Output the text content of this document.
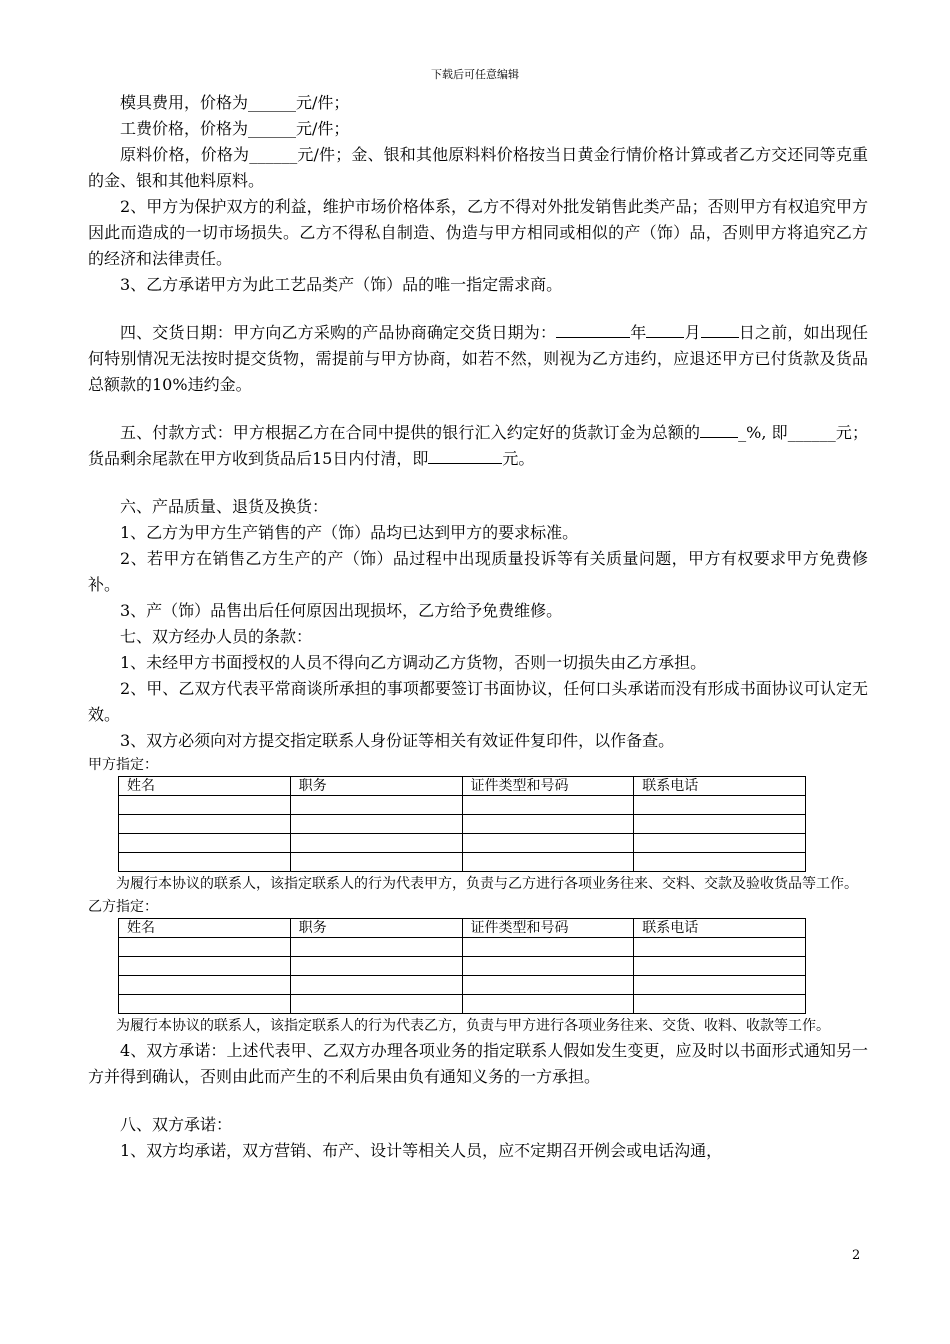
下载后可任意编辑

模具费用，价格为______元/件；

工费价格，价格为______元/件；

原料价格，价格为______元/件；金、银和其他原料料价格按当日黄金行情价格计算或者乙方交还同等克重的金、银和其他料原料。

2、甲方为保护双方的利益，维护市场价格体系，乙方不得对外批发销售此类产品；否则甲方有权追究甲方因此而造成的一切市场损失。乙方不得私自制造、伪造与甲方相同或相似的产（饰）品，否则甲方将追究乙方的经济和法律责任。

3、乙方承诺甲方为此工艺品类产（饰）品的唯一指定需求商。

四、交货日期：甲方向乙方采购的产品协商确定交货日期为：	年 月 日之前，如出现任何特别情况无法按时提交货物，需提前与甲方协商，如若不然，则视为乙方违约，应退还甲方已付货款及货品总额款的10%违约金。

五、付款方式：甲方根据乙方在合同中提供的银行汇入约定好的货款订金为总额的 _%, 即______元；货品剩余尾款在甲方收到货品后15日内付清，即	元。

六、产品质量、退货及换货：

1、乙方为甲方生产销售的产（饰）品均已达到甲方的要求标准。

2、若甲方在销售乙方生产的产（饰）品过程中出现质量投诉等有关质量问题，甲方有权要求甲方免费修补。

3、产（饰）品售出后任何原因出现损坏，乙方给予免费维修。

七、双方经办人员的条款：

1、未经甲方书面授权的人员不得向乙方调动乙方货物，否则一切损失由乙方承担。

2、甲、乙双方代表平常商谈所承担的事项都要签订书面协议，任何口头承诺而没有形成书面协议可认定无效。

3、双方必须向对方提交指定联系人身份证等相关有效证件复印件，以作备查。

甲方指定：

姓名	职务	证件类型和号码	联系电话

为履行本协议的联系人，该指定联系人的行为代表甲方，负责与乙方进行各项业务往来、交料、交款及验收货品等工作。

乙方指定：

姓名	职务	证件类型和号码	联系电话

为履行本协议的联系人，该指定联系人的行为代表乙方，负责与甲方进行各项业务往来、交货、收料、收款等工作。

4、双方承诺：上述代表甲、乙双方办理各项业务的指定联系人假如发生变更，应及时以书面形式通知另一方并得到确认，否则由此而产生的不利后果由负有通知义务的一方承担。

八、双方承诺：

1、双方均承诺，双方营销、布产、设计等相关人员，应不定期召开例会或电话沟通，

2
